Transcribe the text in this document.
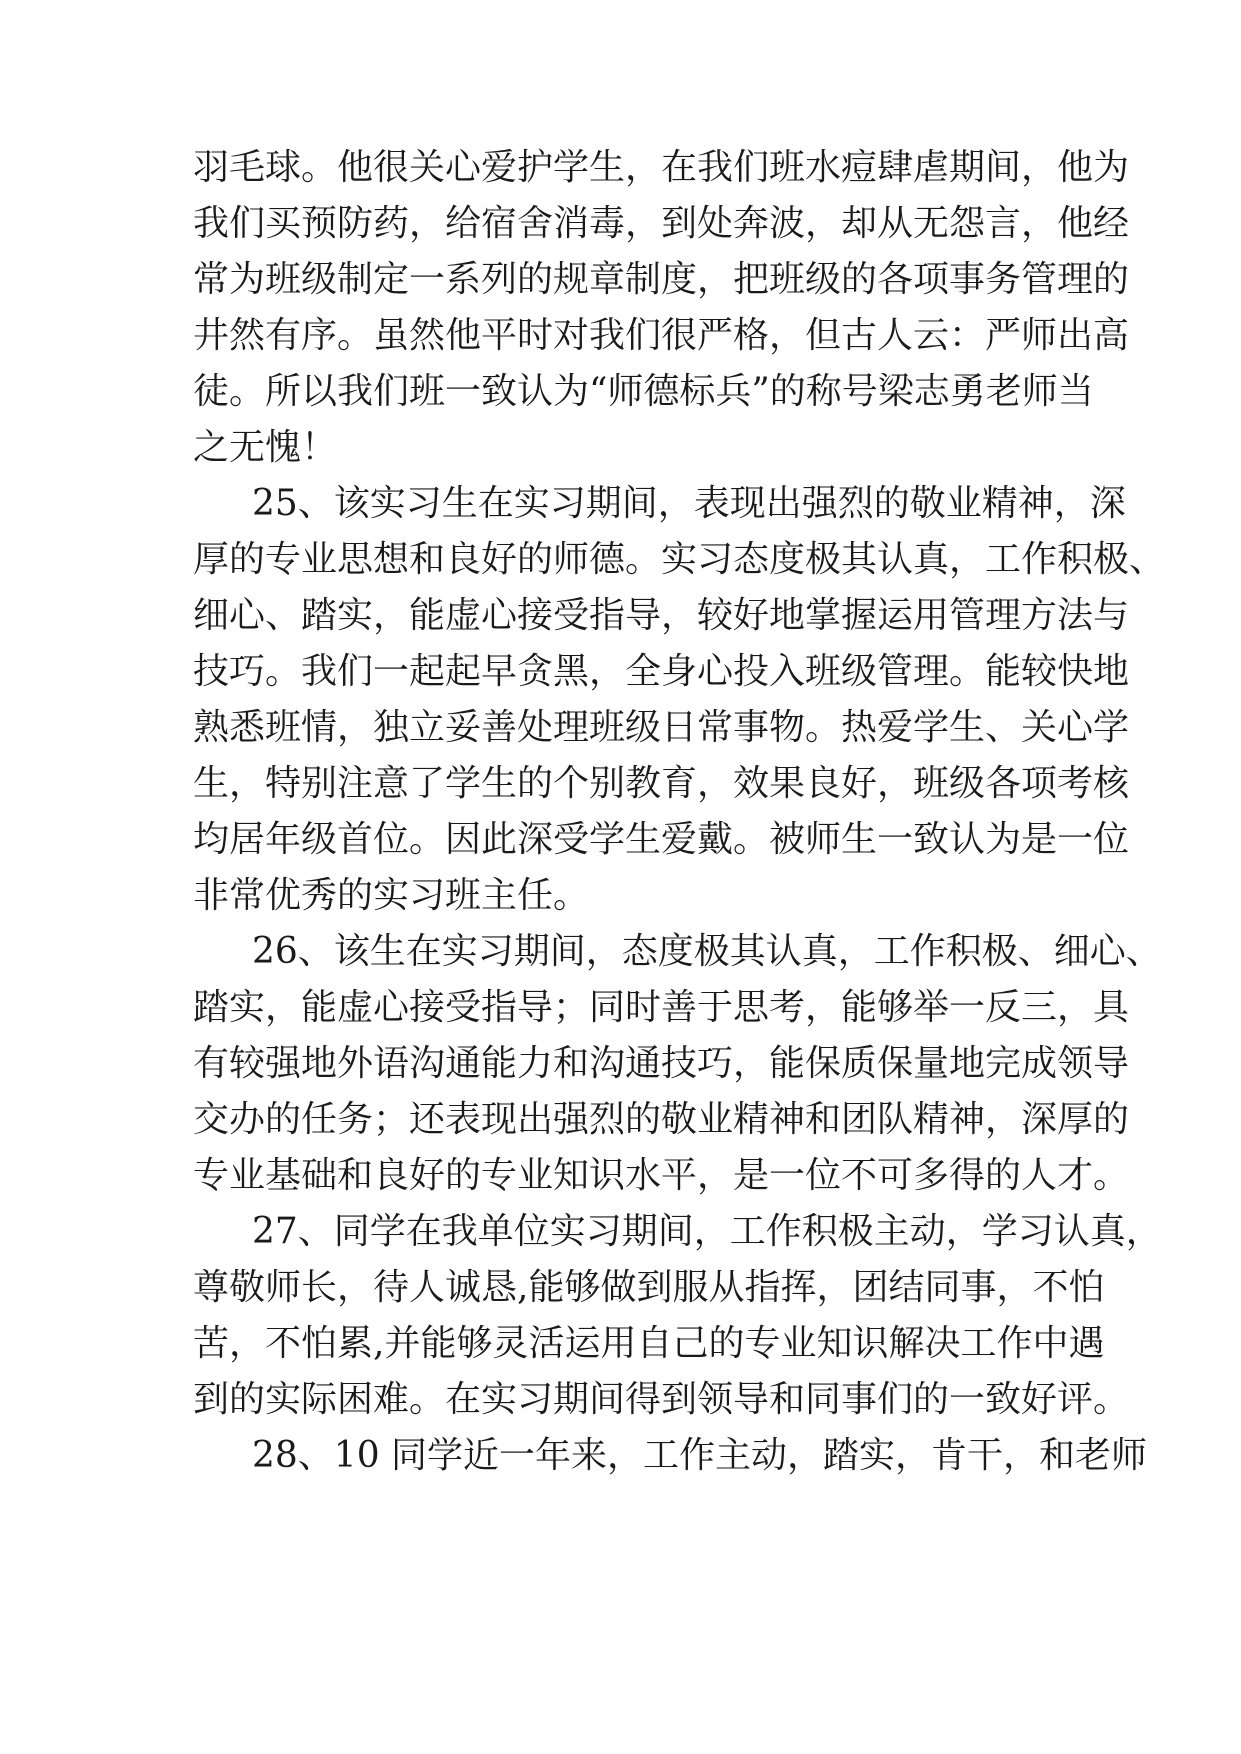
羽毛球。他很关心爱护学生，在我们班水痘肆虐期间，他为
我们买预防药，给宿舍消毒，到处奔波，却从无怨言，他经
常为班级制定一系列的规章制度，把班级的各项事务管理的
井然有序。虽然他平时对我们很严格，但古人云：严师出高
徒。所以我们班一致认为“师德标兵”的称号梁志勇老师当
之无愧！
25、该实习生在实习期间，表现出强烈的敬业精神，深
厚的专业思想和良好的师德。实习态度极其认真，工作积极、
细心、踏实，能虚心接受指导，较好地掌握运用管理方法与
技巧。我们一起起早贪黑，全身心投入班级管理。能较快地
熟悉班情，独立妥善处理班级日常事物。热爱学生、关心学
生，特别注意了学生的个别教育，效果良好，班级各项考核
均居年级首位。因此深受学生爱戴。被师生一致认为是一位
非常优秀的实习班主任。
26、该生在实习期间，态度极其认真，工作积极、细心、
踏实，能虚心接受指导；同时善于思考，能够举一反三，具
有较强地外语沟通能力和沟通技巧，能保质保量地完成领导
交办的任务；还表现出强烈的敬业精神和团队精神，深厚的
专业基础和良好的专业知识水平，是一位不可多得的人才。
27、同学在我单位实习期间，工作积极主动，学习认真，
尊敬师长，待人诚恳,能够做到服从指挥，团结同事，不怕
苦，不怕累,并能够灵活运用自己的专业知识解决工作中遇
到的实际困难。在实习期间得到领导和同事们的一致好评。
28、10 同学近一年来，工作主动，踏实，肯干，和老师
